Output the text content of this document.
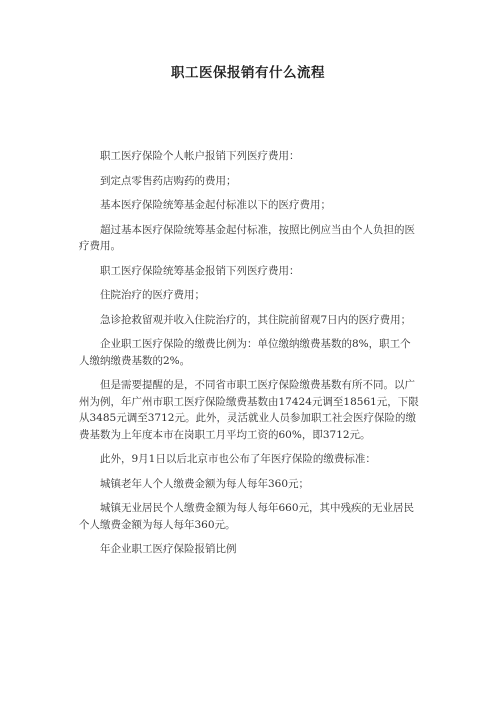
职工医保报销有什么流程

职工医疗保险个人帐户报销下列医疗费用：

到定点零售药店购药的费用；

基本医疗保险统筹基金起付标准以下的医疗费用；

超过基本医疗保险统筹基金起付标准，按照比例应当由个人负担的医疗费用。

职工医疗保险统筹基金报销下列医疗费用：

住院治疗的医疗费用；

急诊抢救留观并收入住院治疗的，其住院前留观7日内的医疗费用；

企业职工医疗保险的缴费比例为：单位缴纳缴费基数的8%，职工个人缴纳缴费基数的2%。

但是需要提醒的是，不同省市职工医疗保险缴费基数有所不同。以广州为例，年广州市职工医疗保险缴费基数由17424元调至18561元，下限从3485元调至3712元。此外，灵活就业人员参加职工社会医疗保险的缴费基数为上年度本市在岗职工月平均工资的60%，即3712元。

此外，9月1日以后北京市也公布了年医疗保险的缴费标准：

城镇老年人个人缴费金额为每人每年360元；

城镇无业居民个人缴费金额为每人每年660元，其中残疾的无业居民个人缴费金额为每人每年360元。

年企业职工医疗保险报销比例
